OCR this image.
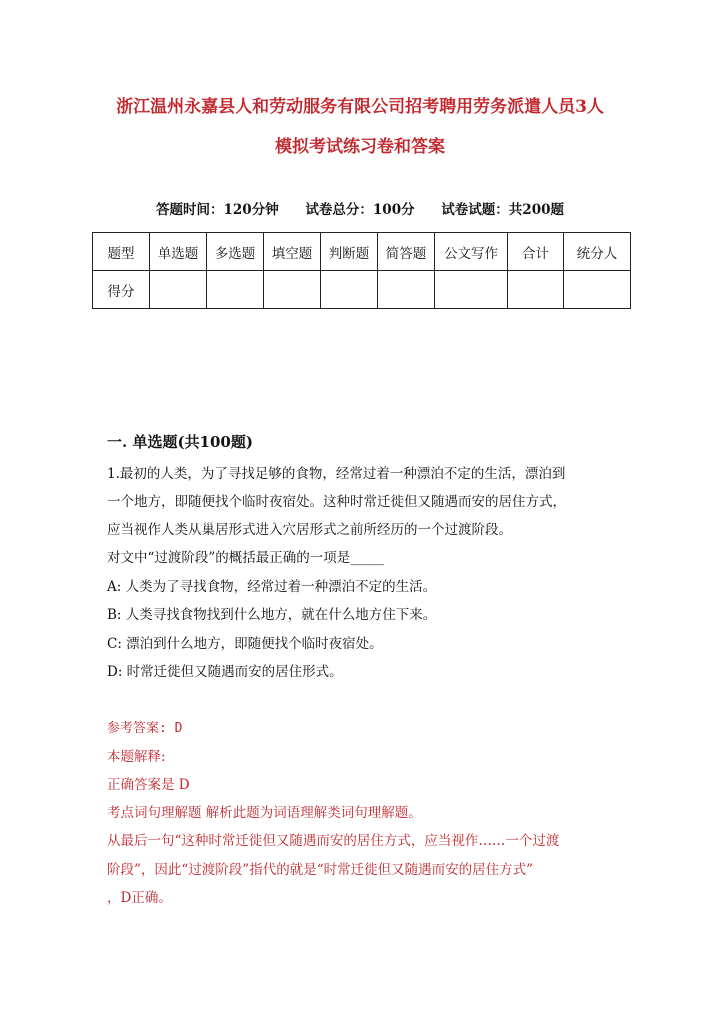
浙江温州永嘉县人和劳动服务有限公司招考聘用劳务派遣人员3人
模拟考试练习卷和答案
答题时间：120分钟 试卷总分：100分 试卷试题：共200题
题型	单选题	多选题	填空题	判断题	简答题	公文写作	合计	统分人
得分								
一. 单选题(共100题)
1.最初的人类，为了寻找足够的食物，经常过着一种漂泊不定的生活，漂泊到
一个地方，即随便找个临时夜宿处。这种时常迁徙但又随遇而安的居住方式，
应当视作人类从巢居形式进入穴居形式之前所经历的一个过渡阶段。
对文中“过渡阶段”的概括最正确的一项是_____
A: 人类为了寻找食物，经常过着一种漂泊不定的生活。
B: 人类寻找食物找到什么地方，就在什么地方住下来。
C: 漂泊到什么地方，即随便找个临时夜宿处。
D: 时常迁徙但又随遇而安的居住形式。
参考答案: D
本题解释:
正确答案是 D
考点词句理解题 解析此题为词语理解类词句理解题。
从最后一句“这种时常迁徙但又随遇而安的居住方式，应当视作……一个过渡
阶段”，因此“过渡阶段”指代的就是“时常迁徙但又随遇而安的居住方式”
，D正确。
